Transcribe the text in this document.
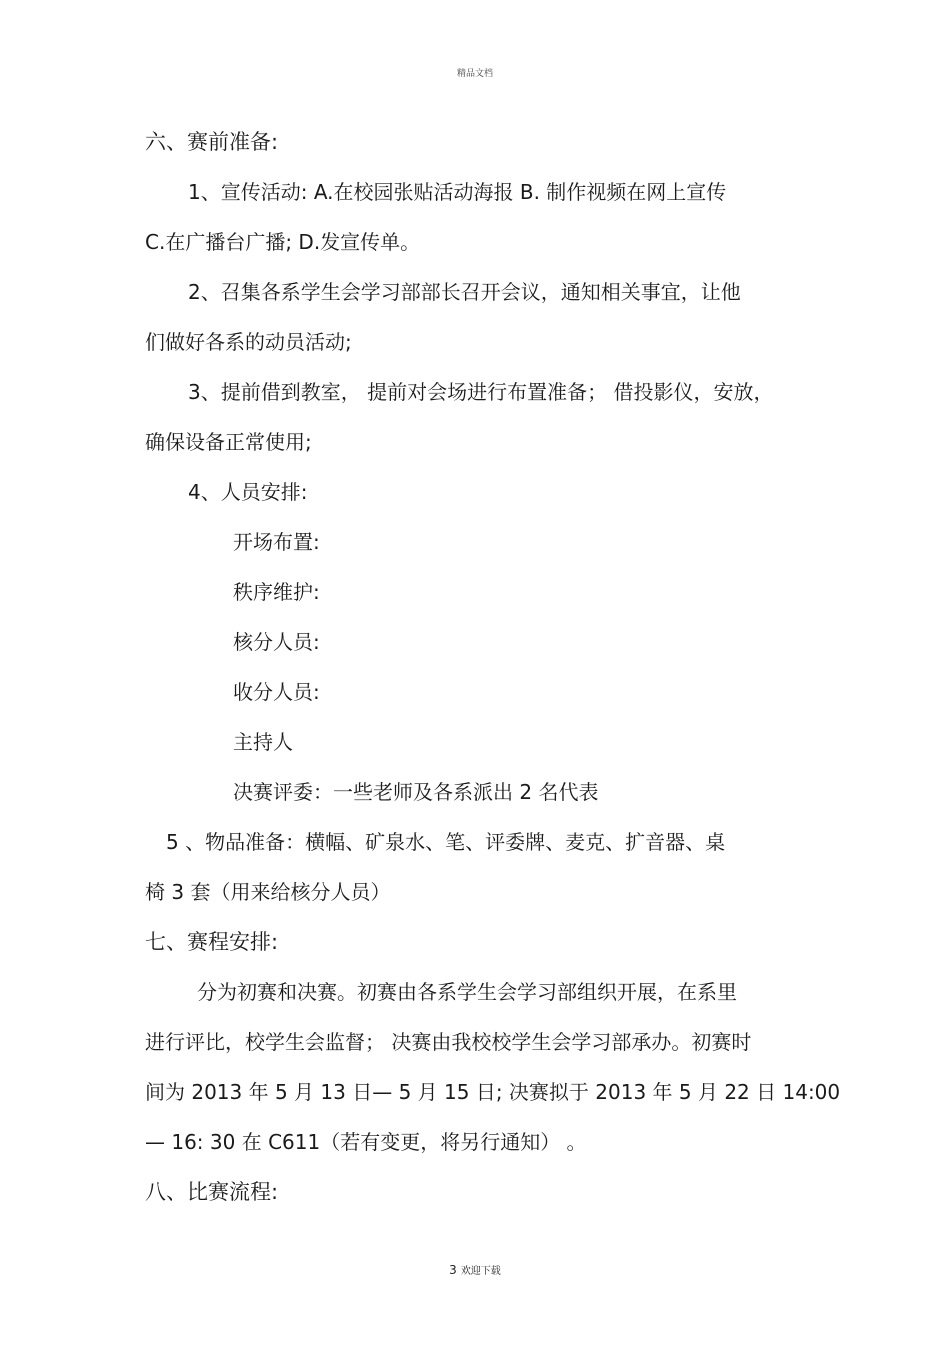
精品文档
六、赛前准备:
1、宣传活动: A.在校园张贴活动海报 B. 制作视频在网上宣传
C.在广播台广播; D.发宣传单。
2、召集各系学生会学习部部长召开会议，通知相关事宜，让他
们做好各系的动员活动;
3、提前借到教室， 提前对会场进行布置准备； 借投影仪，安放，
确保设备正常使用;
4、人员安排:
开场布置:
秩序维护:
核分人员:
收分人员:
主持人
决赛评委：一些老师及各系派出 2 名代表
5 、物品准备：横幅、矿泉水、笔、评委牌、麦克、扩音器、桌
椅 3 套（用来给核分人员）
七、赛程安排:
分为初赛和决赛。初赛由各系学生会学习部组织开展，在系里
进行评比，校学生会监督； 决赛由我校校学生会学习部承办。初赛时
间为 2013 年 5 月 13 日— 5 月 15 日; 决赛拟于 2013 年 5 月 22 日 14:00
— 16: 30 在 C611（若有变更，将另行通知） 。
八、比赛流程:
3 欢迎下载
